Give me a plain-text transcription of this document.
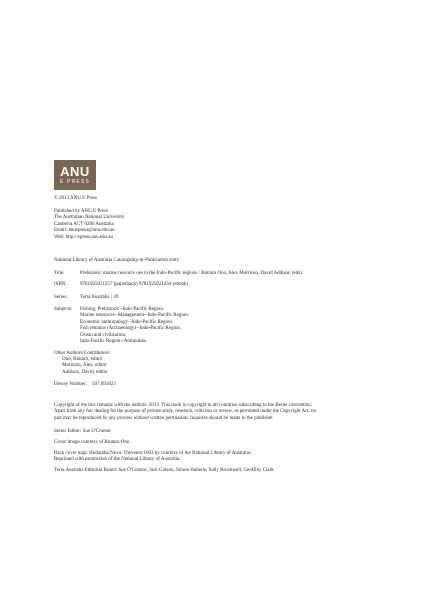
ANU
E PRESS
© 2013 ANU E Press
Published by ANU E Press
The Australian National University
Canberra ACT 0200 Australia
Email: anuepress@anu.edu.au
Web: http://epress.anu.edu.au
National Library of Australia Cataloguing-in-Publication entry
Title:	Prehistoric marine resource use in the Indo-Pacific regions / Rintaro Ono, Alex Morrison, David Addison (eds).
ISBN:	9781925021257 (paperback) 9781925021264 (ebook)
Series: Terra Australis ; 39
Subjects: Fishing, Prehistoric--Indo-Pacific Region.
Marine resources--Management--Indo-Pacific Region.
Economic anthropology--Indo-Pacific Region.
Fish remains (Archaeology)--Indo-Pacific Region.
Ocean and civilization.
Indo-Pacific Region--Antiquities.
Other Authors/Contributors:
Ono, Rintaro, editor
Morrison, Alex, editor
Addison, David, editor
Dewey Number: 507.091823
Copyright of the text remains with the authors, 2013. This book is copyright in all countries subscribing to the Berne convention.
Apart from any fair dealing for the purpose of private study, research, criticism or review, as permitted under the Copyright Act, no
part may be reproduced by any process without written permission. Inquiries should be made to the publisher.
Series Editor: Sue O'Connor
Cover image courtesy of Rintaro Ono
Back cover map: Hollandia Nova. Thevenot 1663 by courtesy of the National Library of Australia.
Reprinted with permission of the National Library of Australia.
Terra Australis Editorial Board: Sue O'Connor, Jack Golson, Simon Haberle, Sally Brockwell, Geoffrey Clark
